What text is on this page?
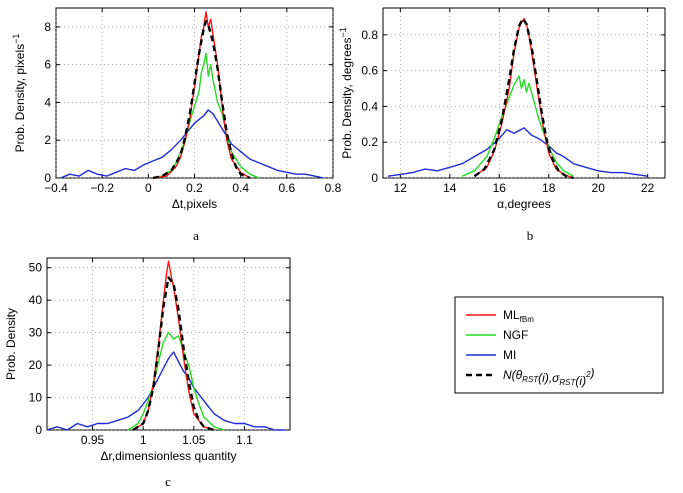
−0.4 −0.2	0	0.2 0.4 0.6 0.8
0
2
4
6
8
Δt,pixels
Prob. Density, pixels$^{-1}$
a
12	14	16	18	20	22
0
0.2
0.4
0.6
0.8
α,degrees
Prob. Density, degrees$^{-1}$
b
0.95	1	1.05	1.1
0
10
20
30
40
50
Δr,dimensionless quantity
Prob. Density
c
$ML_{fBm}$
NGF
MI
$N(\theta_{RST}(i),\sigma_{RST}(i)^2)$
